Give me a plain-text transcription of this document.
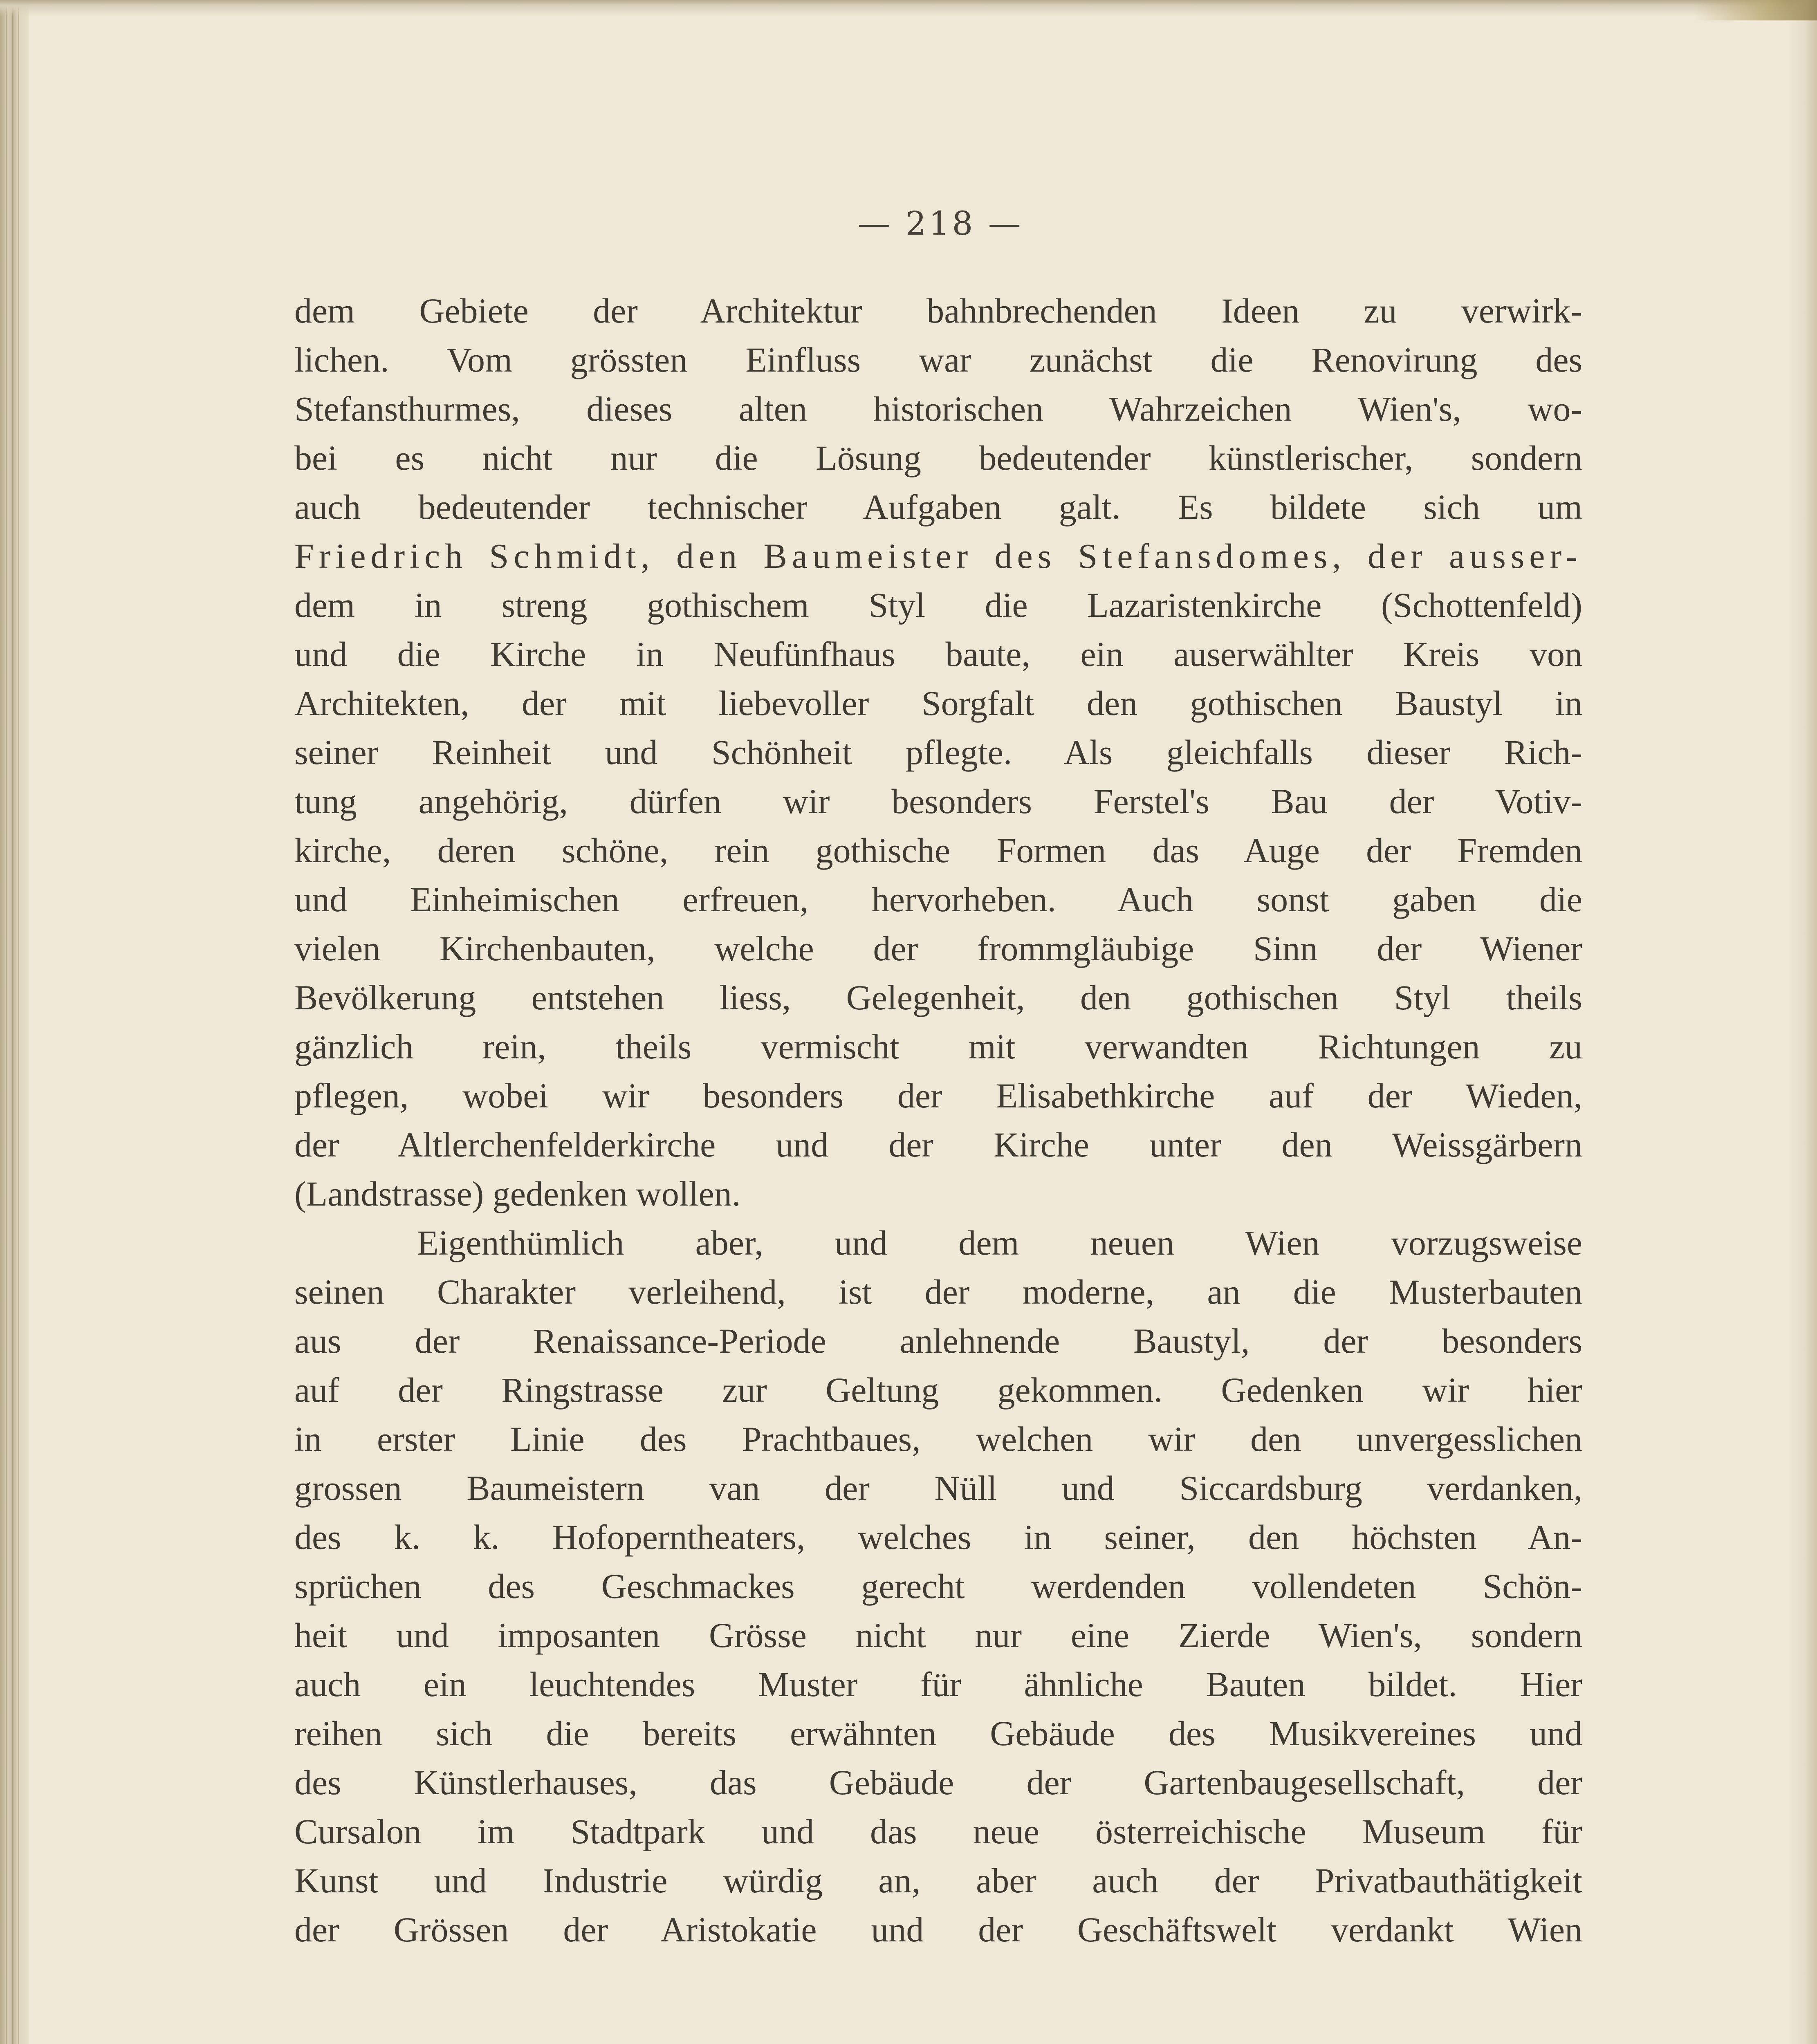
— 218 —
dem Gebiete der Architektur bahnbrechenden Ideen zu verwirk-
lichen. Vom grössten Einfluss war zunächst die Renovirung des
Stefansthurmes, dieses alten historischen Wahrzeichen Wien's, wo-
bei es nicht nur die Lösung bedeutender künstlerischer, sondern
auch bedeutender technischer Aufgaben galt. Es bildete sich um
Friedrich Schmidt, den Baumeister des Stefansdomes, der ausser-
dem in streng gothischem Styl die Lazaristenkirche (Schottenfeld)
und die Kirche in Neufünfhaus baute, ein auserwählter Kreis von
Architekten, der mit liebevoller Sorgfalt den gothischen Baustyl in
seiner Reinheit und Schönheit pflegte. Als gleichfalls dieser Rich-
tung angehörig, dürfen wir besonders Ferstel's Bau der Votiv-
kirche, deren schöne, rein gothische Formen das Auge der Fremden
und Einheimischen erfreuen, hervorheben. Auch sonst gaben die
vielen Kirchenbauten, welche der frommgläubige Sinn der Wiener
Bevölkerung entstehen liess, Gelegenheit, den gothischen Styl theils
gänzlich rein, theils vermischt mit verwandten Richtungen zu
pflegen, wobei wir besonders der Elisabethkirche auf der Wieden,
der Altlerchenfelderkirche und der Kirche unter den Weissgärbern
(Landstrasse) gedenken wollen.
Eigenthümlich aber, und dem neuen Wien vorzugsweise
seinen Charakter verleihend, ist der moderne, an die Musterbauten
aus der Renaissance-Periode anlehnende Baustyl, der besonders
auf der Ringstrasse zur Geltung gekommen. Gedenken wir hier
in erster Linie des Prachtbaues, welchen wir den unvergesslichen
grossen Baumeistern van der Nüll und Siccardsburg verdanken,
des k. k. Hofoperntheaters, welches in seiner, den höchsten An-
sprüchen des Geschmackes gerecht werdenden vollendeten Schön-
heit und imposanten Grösse nicht nur eine Zierde Wien's, sondern
auch ein leuchtendes Muster für ähnliche Bauten bildet. Hier
reihen sich die bereits erwähnten Gebäude des Musikvereines und
des Künstlerhauses, das Gebäude der Gartenbaugesellschaft, der
Cursalon im Stadtpark und das neue österreichische Museum für
Kunst und Industrie würdig an, aber auch der Privatbauthätigkeit
der Grössen der Aristokatie und der Geschäftswelt verdankt Wien
